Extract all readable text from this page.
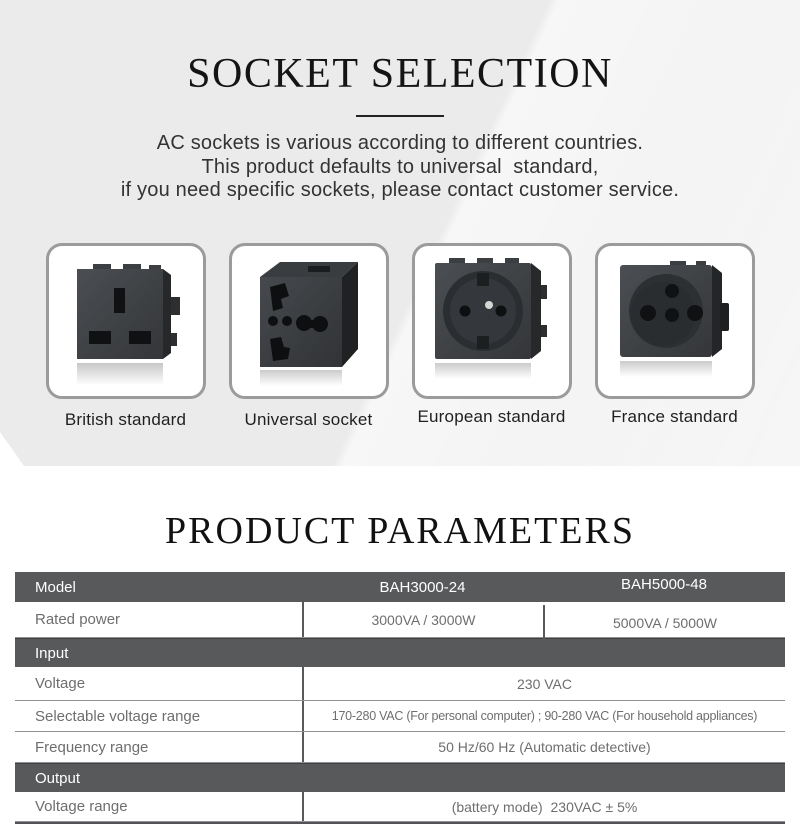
SOCKET SELECTION
AC sockets is various according to different countries.
This product defaults to universal  standard,
if you need specific sockets, please contact customer service.
British standard	Universal socket	European standard	France standard
PRODUCT PARAMETERS
Model	BAH3000-24	BAH5000-48
Rated power	3000VA / 3000W	5000VA / 5000W
Input
Voltage	230 VAC
Selectable voltage range	170-280 VAC (For personal computer) ; 90-280 VAC (For household appliances)
Frequency range	50 Hz/60 Hz (Automatic detective)
Output
Voltage range	(battery mode)  230VAC ± 5%
